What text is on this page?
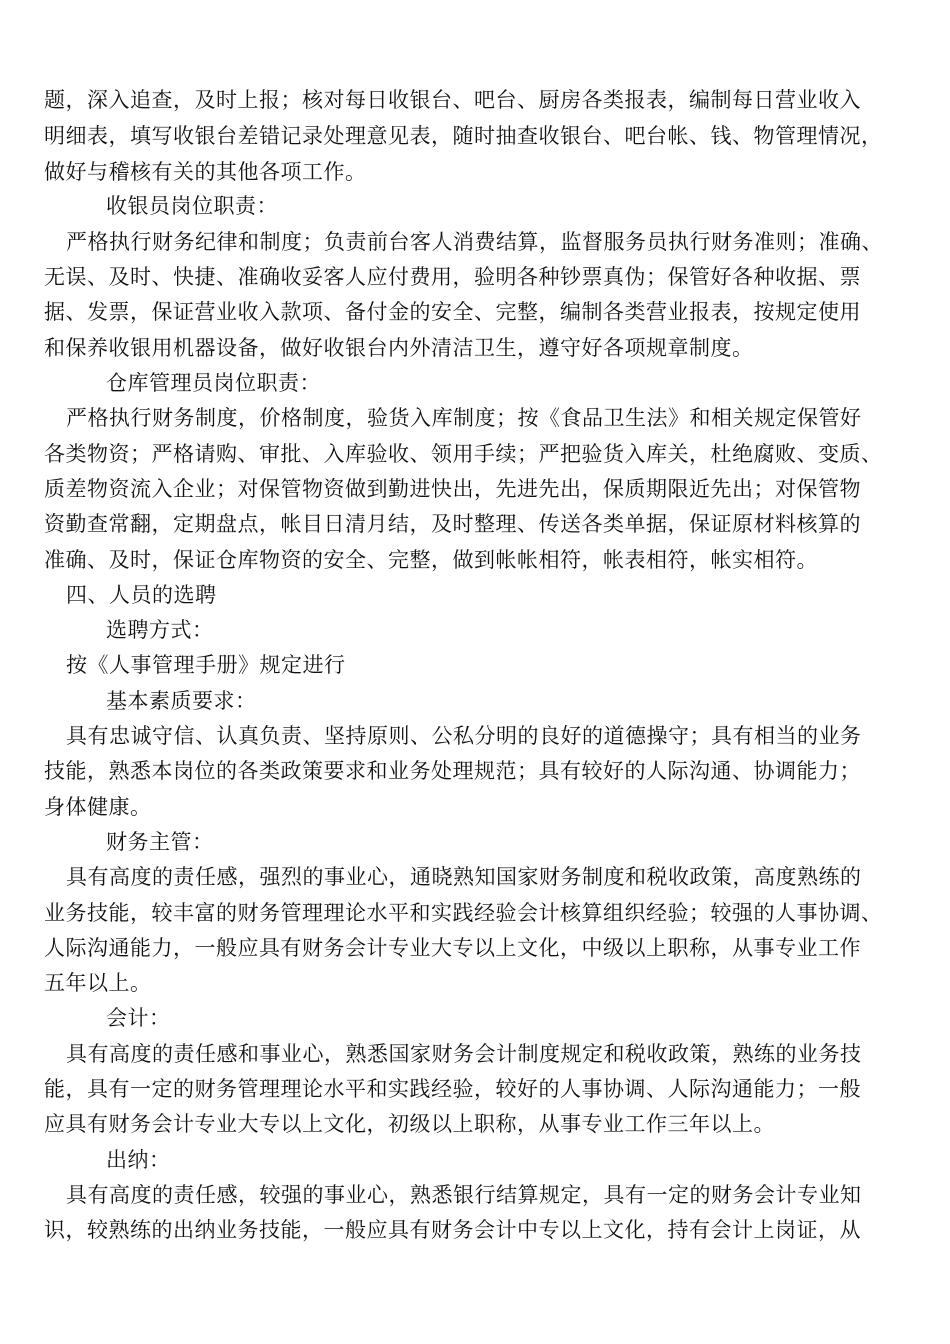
题，深入追查，及时上报；核对每日收银台、吧台、厨房各类报表，编制每日营业收入
明细表，填写收银台差错记录处理意见表，随时抽查收银台、吧台帐、钱、物管理情况，
做好与稽核有关的其他各项工作。
收银员岗位职责：
严格执行财务纪律和制度；负责前台客人消费结算，监督服务员执行财务准则；准确、
无误、及时、快捷、准确收妥客人应付费用，验明各种钞票真伪；保管好各种收据、票
据、发票，保证营业收入款项、备付金的安全、完整，编制各类营业报表，按规定使用
和保养收银用机器设备，做好收银台内外清洁卫生，遵守好各项规章制度。
仓库管理员岗位职责：
严格执行财务制度，价格制度，验货入库制度；按《食品卫生法》和相关规定保管好
各类物资；严格请购、审批、入库验收、领用手续；严把验货入库关，杜绝腐败、变质、
质差物资流入企业；对保管物资做到勤进快出，先进先出，保质期限近先出；对保管物
资勤查常翻，定期盘点，帐目日清月结，及时整理、传送各类单据，保证原材料核算的
准确、及时，保证仓库物资的安全、完整，做到帐帐相符，帐表相符，帐实相符。
四、人员的选聘
选聘方式：
按《人事管理手册》规定进行
基本素质要求：
具有忠诚守信、认真负责、坚持原则、公私分明的良好的道德操守；具有相当的业务
技能，熟悉本岗位的各类政策要求和业务处理规范；具有较好的人际沟通、协调能力；
身体健康。
财务主管：
具有高度的责任感，强烈的事业心，通晓熟知国家财务制度和税收政策，高度熟练的
业务技能，较丰富的财务管理理论水平和实践经验会计核算组织经验；较强的人事协调、
人际沟通能力，一般应具有财务会计专业大专以上文化，中级以上职称，从事专业工作
五年以上。
会计：
具有高度的责任感和事业心，熟悉国家财务会计制度规定和税收政策，熟练的业务技
能，具有一定的财务管理理论水平和实践经验，较好的人事协调、人际沟通能力；一般
应具有财务会计专业大专以上文化，初级以上职称，从事专业工作三年以上。
出纳：
具有高度的责任感，较强的事业心，熟悉银行结算规定，具有一定的财务会计专业知
识，较熟练的出纳业务技能，一般应具有财务会计中专以上文化，持有会计上岗证，从
